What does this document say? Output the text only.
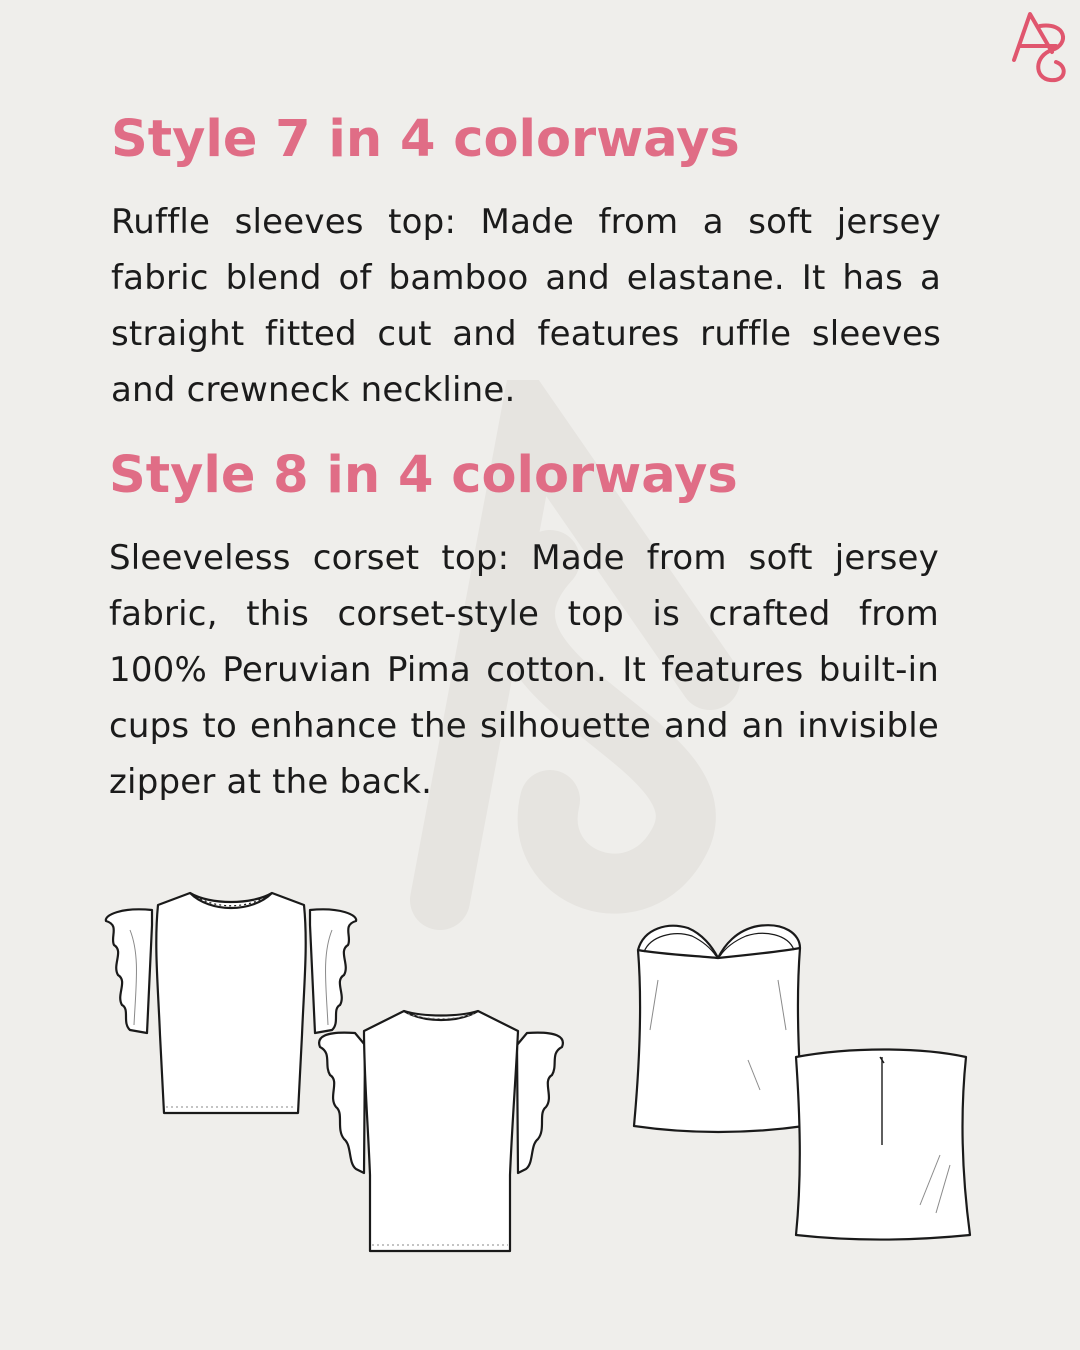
Style 7 in 4 colorways

Ruffle sleeves top: Made from a soft jersey fabric blend of bamboo and elastane. It has a straight fitted cut and features ruffle sleeves and crewneck neckline.

Style 8 in 4 colorways

Sleeveless corset top: Made from soft jersey fabric, this corset-style top is crafted from 100% Peruvian Pima cotton. It features built-in cups to enhance the silhouette and an invisible zipper at the back.
